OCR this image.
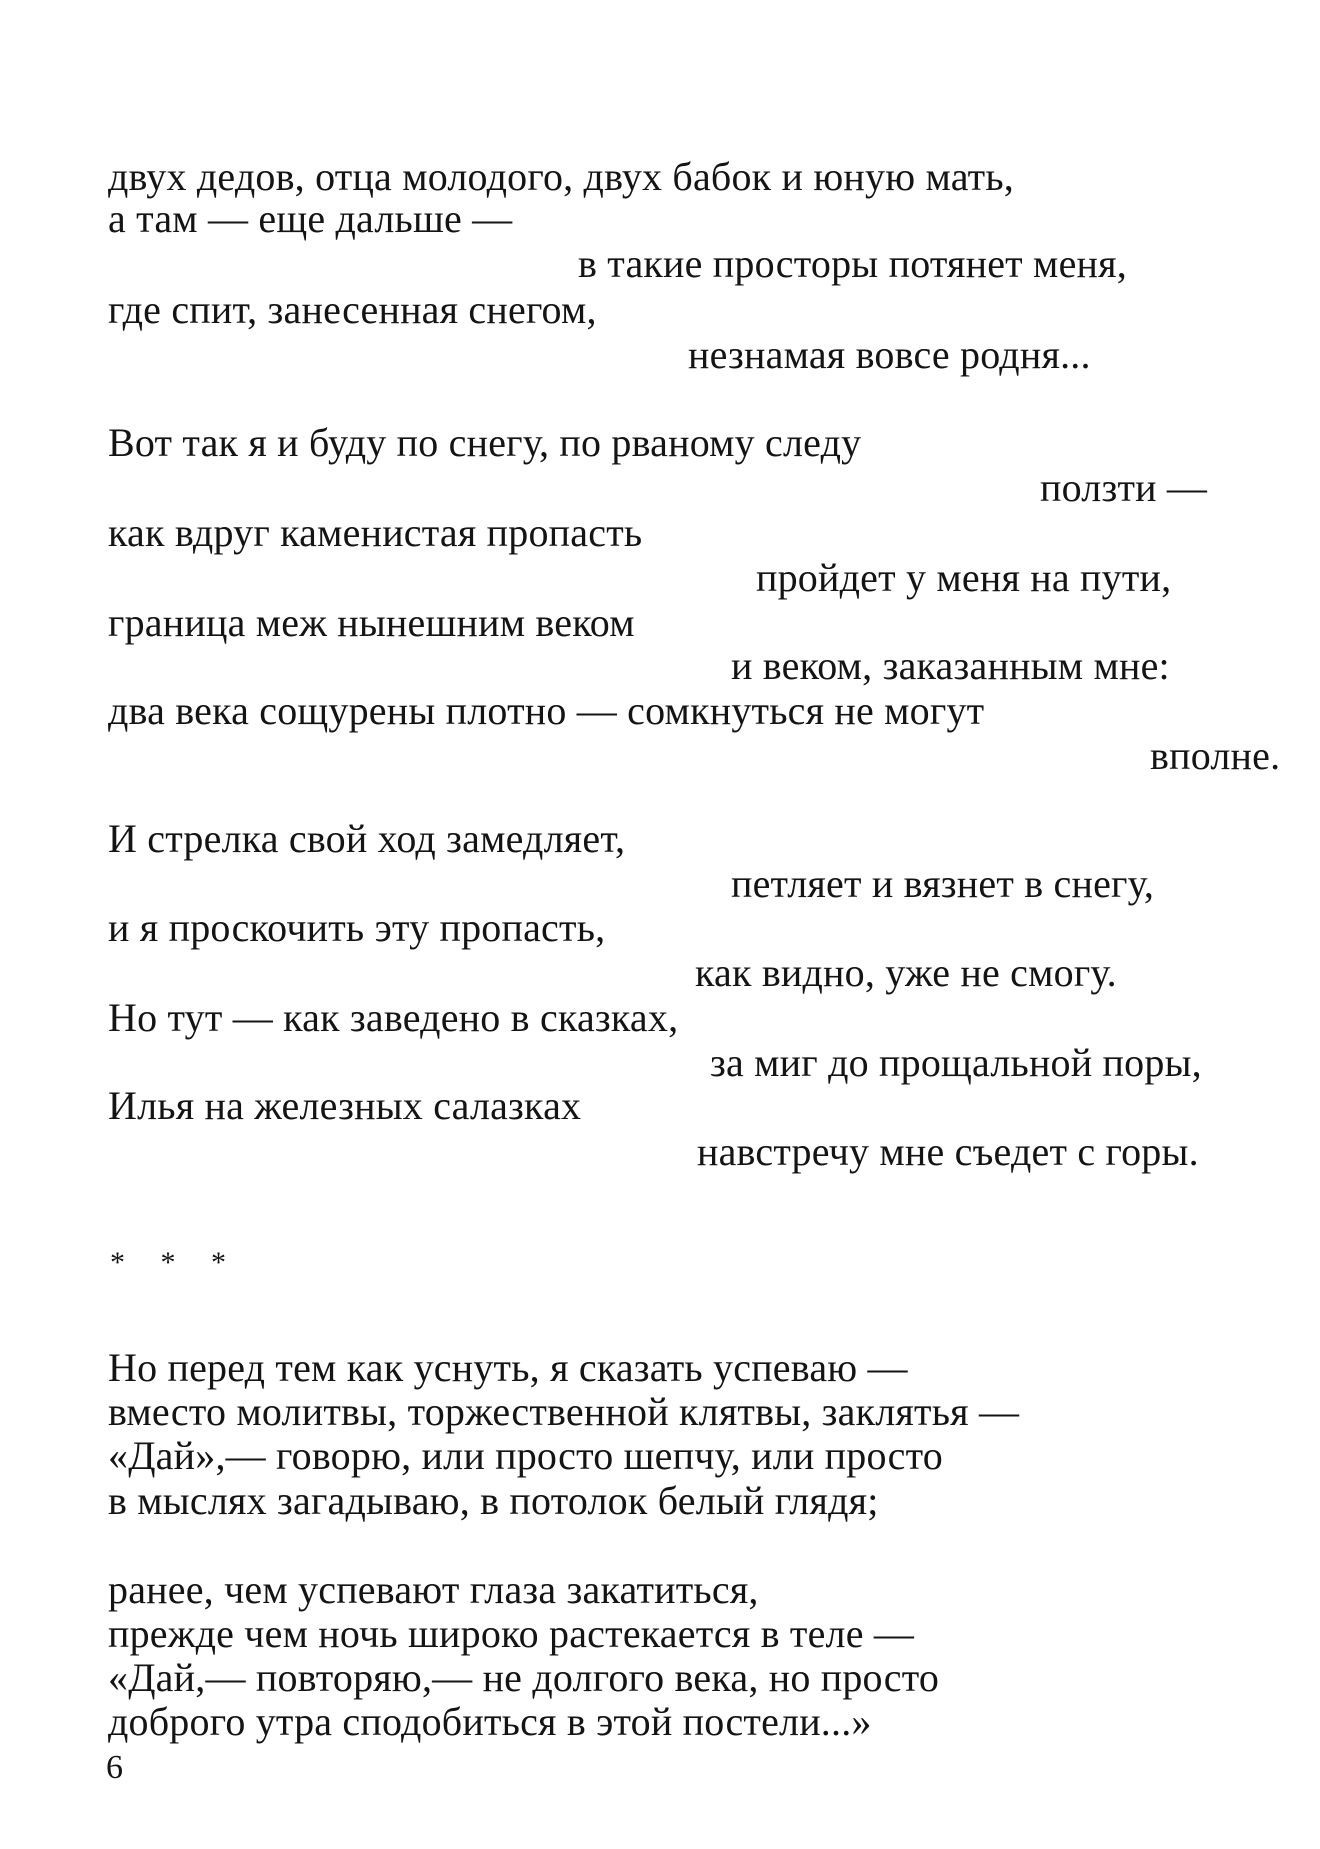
двух дедов, отца молодого, двух бабок и юную мать,
а там — еще дальше —
в такие просторы потянет меня,
где спит, занесенная снегом,
незнамая вовсе родня...
Вот так я и буду по снегу, по рваному следу
ползти —
как вдруг каменистая пропасть
пройдет у меня на пути,
граница меж нынешним веком
и веком, заказанным мне:
два века сощурены плотно — сомкнуться не могут
вполне.
И стрелка свой ход замедляет,
петляет и вязнет в снегу,
и я проскочить эту пропасть,
как видно, уже не смогу.
Но тут — как заведено в сказках,
за миг до прощальной поры,
Илья на железных салазках
навстречу мне съедет с горы.
* * *
Но перед тем как уснуть, я сказать успеваю —
вместо молитвы, торжественной клятвы, заклятья —
«Дай»,— говорю, или просто шепчу, или просто
в мыслях загадываю, в потолок белый глядя;
ранее, чем успевают глаза закатиться,
прежде чем ночь широко растекается в теле —
«Дай,— повторяю,— не долгого века, но просто
доброго утра сподобиться в этой постели...»
6
